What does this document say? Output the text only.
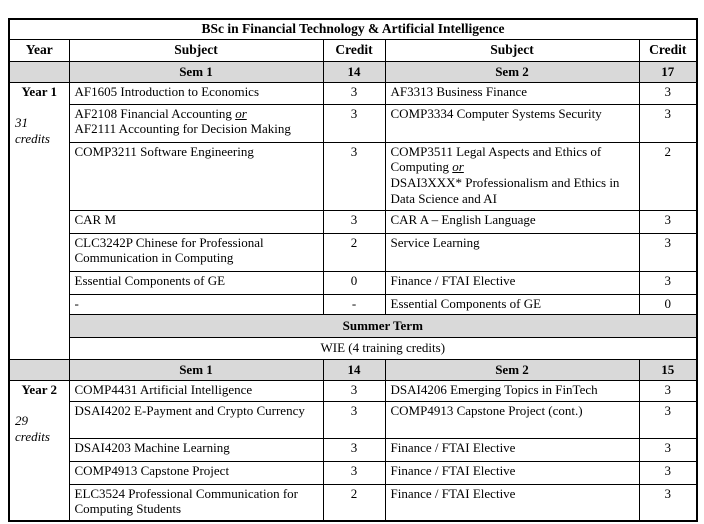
BSc in Financial Technology & Artificial Intelligence				
Year	Subject	Credit	Subject	Credit
	Sem 1	14	Sem 2	17

Year 1
31 credits	AF1605 Introduction to Economics	3	AF3313 Business Finance	3
	AF2108 Financial Accounting or
AF2111 Accounting for Decision Making	3	COMP3334 Computer Systems Security	3
	COMP3211 Software Engineering	3	COMP3511 Legal Aspects and Ethics of Computing or
DSAI3XXX* Professionalism and Ethics in Data Science and AI	2
	CAR M	3	CAR A – English Language	3
	CLC3242P Chinese for Professional Communication in Computing	2	Service Learning	3
	Essential Components of GE	0	Finance / FTAI Elective	3
	-	-	Essential Components of GE	0
	Summer Term			
	WIE (4 training credits)			
	Sem 1	14	Sem 2	15

Year 2
29 credits	COMP4431 Artificial Intelligence	3	DSAI4206 Emerging Topics in FinTech	3
	DSAI4202 E-Payment and Crypto Currency	3	COMP4913 Capstone Project (cont.)	3
	DSAI4203 Machine Learning	3	Finance / FTAI Elective	3
	COMP4913 Capstone Project	3	Finance / FTAI Elective	3
	ELC3524 Professional Communication for Computing Students	2	Finance / FTAI Elective	3
